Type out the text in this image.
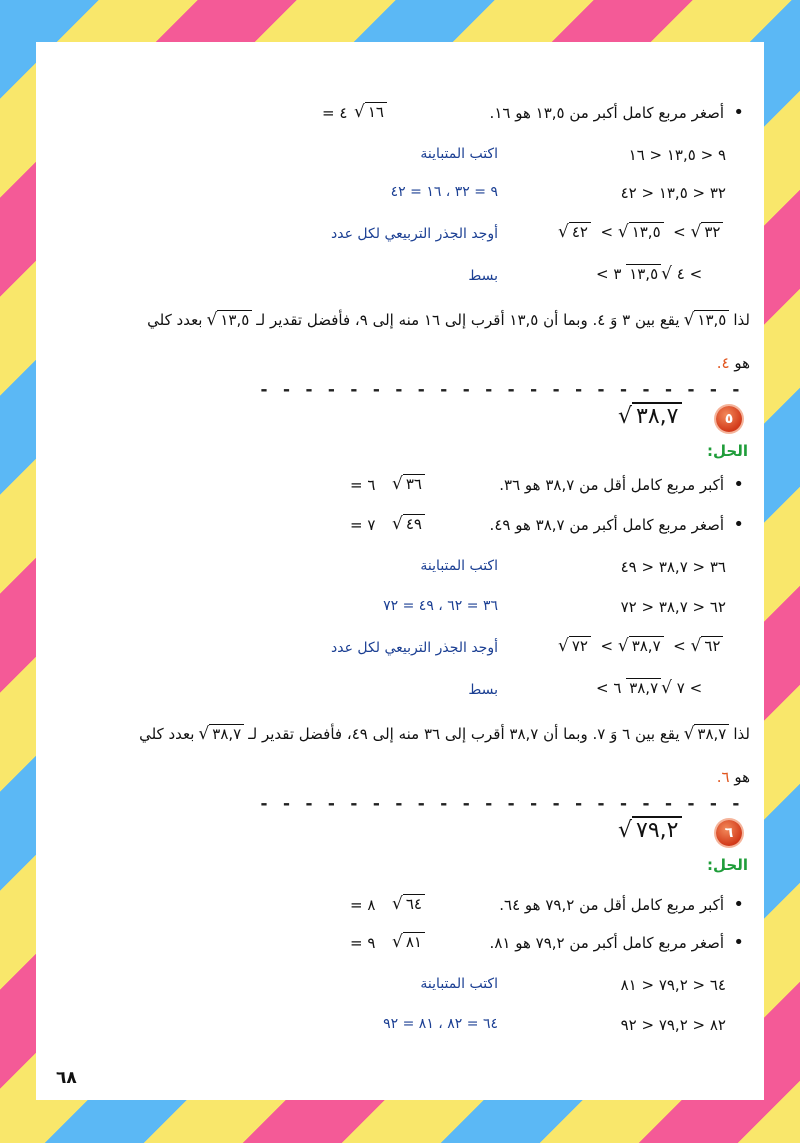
•
أصغر مربع كامل أكبر من ١٣,٥ هو ١٦.
√ ١٦
= ٤
٩ < ١٣,٥ < ١٦
اكتب المتباينة
٣٢ < ١٣,٥ < ٤٢
٩ = ٣٢ ، ١٦ = ٤٢
√ ٤٢  < √ ١٣,٥  < √ ٣٢
أوجد الجذر التربيعي لكل عدد
< ٤ √١٣,٥ ٣ <
بسط
لذا
√ ١٣,٥
يقع بين ٣ وَ ٤. وبما أن ١٣,٥ أقرب إلى ١٦ منه إلى ٩، فأفضل تقدير لـ
√ ١٣,٥
بعدد كلي
هو ٤.
- - - - - - - - - - - - - - - - - - - - - -
٥
√ ٣٨,٧
الحل:
•
أكبر مربع كامل أقل من ٣٨,٧ هو ٣٦.
√ ٣٦
= ٦
•
أصغر مربع كامل أكبر من ٣٨,٧ هو ٤٩.
√ ٤٩
= ٧
٣٦ < ٣٨,٧ < ٤٩
اكتب المتباينة
٦٢ < ٣٨,٧ < ٧٢
٣٦ = ٦٢ ، ٤٩ = ٧٢
√ ٧٢  < √ ٣٨,٧  < √ ٦٢
أوجد الجذر التربيعي لكل عدد
< ٧ √٣٨,٧ ٦ <
بسط
لذا
√ ٣٨,٧
يقع بين ٦ وَ ٧. وبما أن ٣٨,٧ أقرب إلى ٣٦ منه إلى ٤٩، فأفضل تقدير لـ
√ ٣٨,٧
بعدد كلي
هو ٦.
- - - - - - - - - - - - - - - - - - - - - -
٦
√ ٧٩,٢
الحل:
•
أكبر مربع كامل أقل من ٧٩,٢ هو ٦٤.
√ ٦٤
= ٨
•
أصغر مربع كامل أكبر من ٧٩,٢ هو ٨١.
√ ٨١
= ٩
٦٤ < ٧٩,٢ < ٨١
اكتب المتباينة
٨٢ < ٧٩,٢ < ٩٢
٦٤ = ٨٢ ، ٨١ = ٩٢
٦٨
